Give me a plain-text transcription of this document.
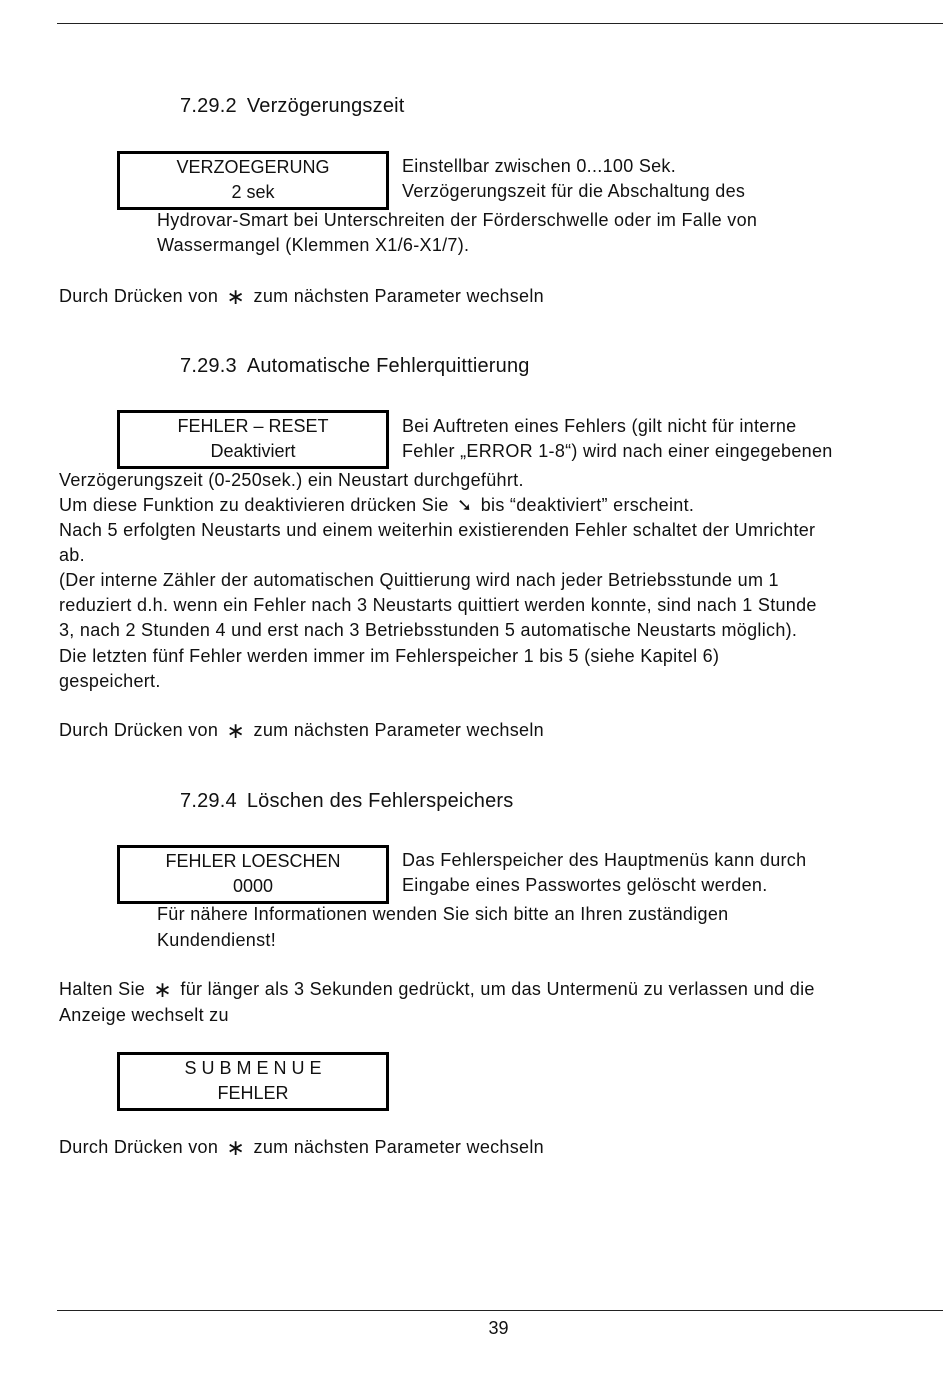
7.29.2 Verzögerungszeit
VERZOEGERUNG
2 sek
Einstellbar zwischen 0...100 Sek.
Verzögerungszeit für die Abschaltung des
Hydrovar-Smart bei Unterschreiten der Förderschwelle oder im Falle von
Wassermangel (Klemmen X1/6-X1/7).
Durch Drücken von ∗ zum nächsten Parameter wechseln
7.29.3 Automatische Fehlerquittierung
FEHLER – RESET
Deaktiviert
Bei Auftreten eines Fehlers (gilt nicht für interne
Fehler „ERROR 1-8“) wird nach einer eingegebenen
Verzögerungszeit (0-250sek.) ein Neustart durchgeführt.
Um diese Funktion zu deaktivieren drücken Sie ➘ bis “deaktiviert” erscheint.
Nach 5 erfolgten Neustarts und einem weiterhin existierenden Fehler schaltet der Umrichter
ab.
(Der interne Zähler der automatischen Quittierung wird nach jeder Betriebsstunde um 1
reduziert d.h. wenn ein Fehler nach 3 Neustarts quittiert werden konnte, sind nach 1 Stunde
3, nach 2 Stunden 4 und erst nach 3 Betriebsstunden 5 automatische Neustarts möglich).
Die letzten fünf Fehler werden immer im Fehlerspeicher 1 bis 5 (siehe Kapitel 6)
gespeichert.
Durch Drücken von ∗ zum nächsten Parameter wechseln
7.29.4 Löschen des Fehlerspeichers
FEHLER LOESCHEN
0000
Das Fehlerspeicher des Hauptmenüs kann durch
Eingabe eines Passwortes gelöscht werden.
Für nähere Informationen wenden Sie sich bitte an Ihren zuständigen
Kundendienst!
Halten Sie ∗ für länger als 3 Sekunden gedrückt, um das Untermenü zu verlassen und die
Anzeige wechselt zu
S U B M E N U E
FEHLER
Durch Drücken von ∗ zum nächsten Parameter wechseln
39
